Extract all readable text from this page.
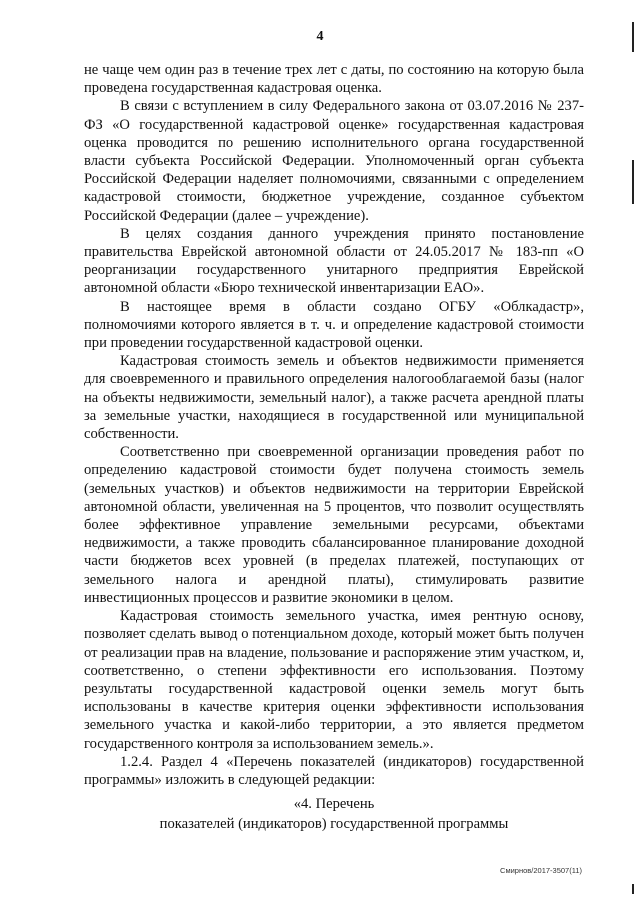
4

не чаще чем один раз в течение трех лет с даты, по состоянию на которую была проведена государственная кадастровая оценка.

В связи с вступлением в силу Федерального закона от 03.07.2016 № 237-ФЗ «О государственной кадастровой оценке» государственная кадастровая оценка проводится по решению исполнительного органа государственной власти субъекта Российской Федерации. Уполномоченный орган субъекта Российской Федерации наделяет полномочиями, связанными с определением кадастровой стоимости, бюджетное учреждение, созданное субъектом Российской Федерации (далее – учреждение).

В целях создания данного учреждения принято постановление правительства Еврейской автономной области от 24.05.2017 № 183-пп «О реорганизации государственного унитарного предприятия Еврейской автономной области «Бюро технической инвентаризации ЕАО».

В настоящее время в области создано ОГБУ «Облкадастр», полномочиями которого является в т. ч. и определение кадастровой стоимости при проведении государственной кадастровой оценки.

Кадастровая стоимость земель и объектов недвижимости применяется для своевременного и правильного определения налогооблагаемой базы (налог на объекты недвижимости, земельный налог), а также расчета арендной платы за земельные участки, находящиеся в государственной или муниципальной собственности.

Соответственно при своевременной организации проведения работ по определению кадастровой стоимости будет получена стоимость земель (земельных участков) и объектов недвижимости на территории Еврейской автономной области, увеличенная на 5 процентов, что позволит осуществлять более эффективное управление земельными ресурсами, объектами недвижимости, а также проводить сбалансированное планирование доходной части бюджетов всех уровней (в пределах платежей, поступающих от земельного налога и арендной платы), стимулировать развитие инвестиционных процессов и развитие экономики в целом.

Кадастровая стоимость земельного участка, имея рентную основу, позволяет сделать вывод о потенциальном доходе, который может быть получен от реализации прав на владение, пользование и распоряжение этим участком, и, соответственно, о степени эффективности его использования. Поэтому результаты государственной кадастровой оценки земель могут быть использованы в качестве критерия оценки эффективности использования земельного участка и какой-либо территории, а это является предметом государственного контроля за использованием земель.».

1.2.4. Раздел 4 «Перечень показателей (индикаторов) государственной программы» изложить в следующей редакции:

«4. Перечень
показателей (индикаторов) государственной программы
Смирнов/2017-3507(11)
